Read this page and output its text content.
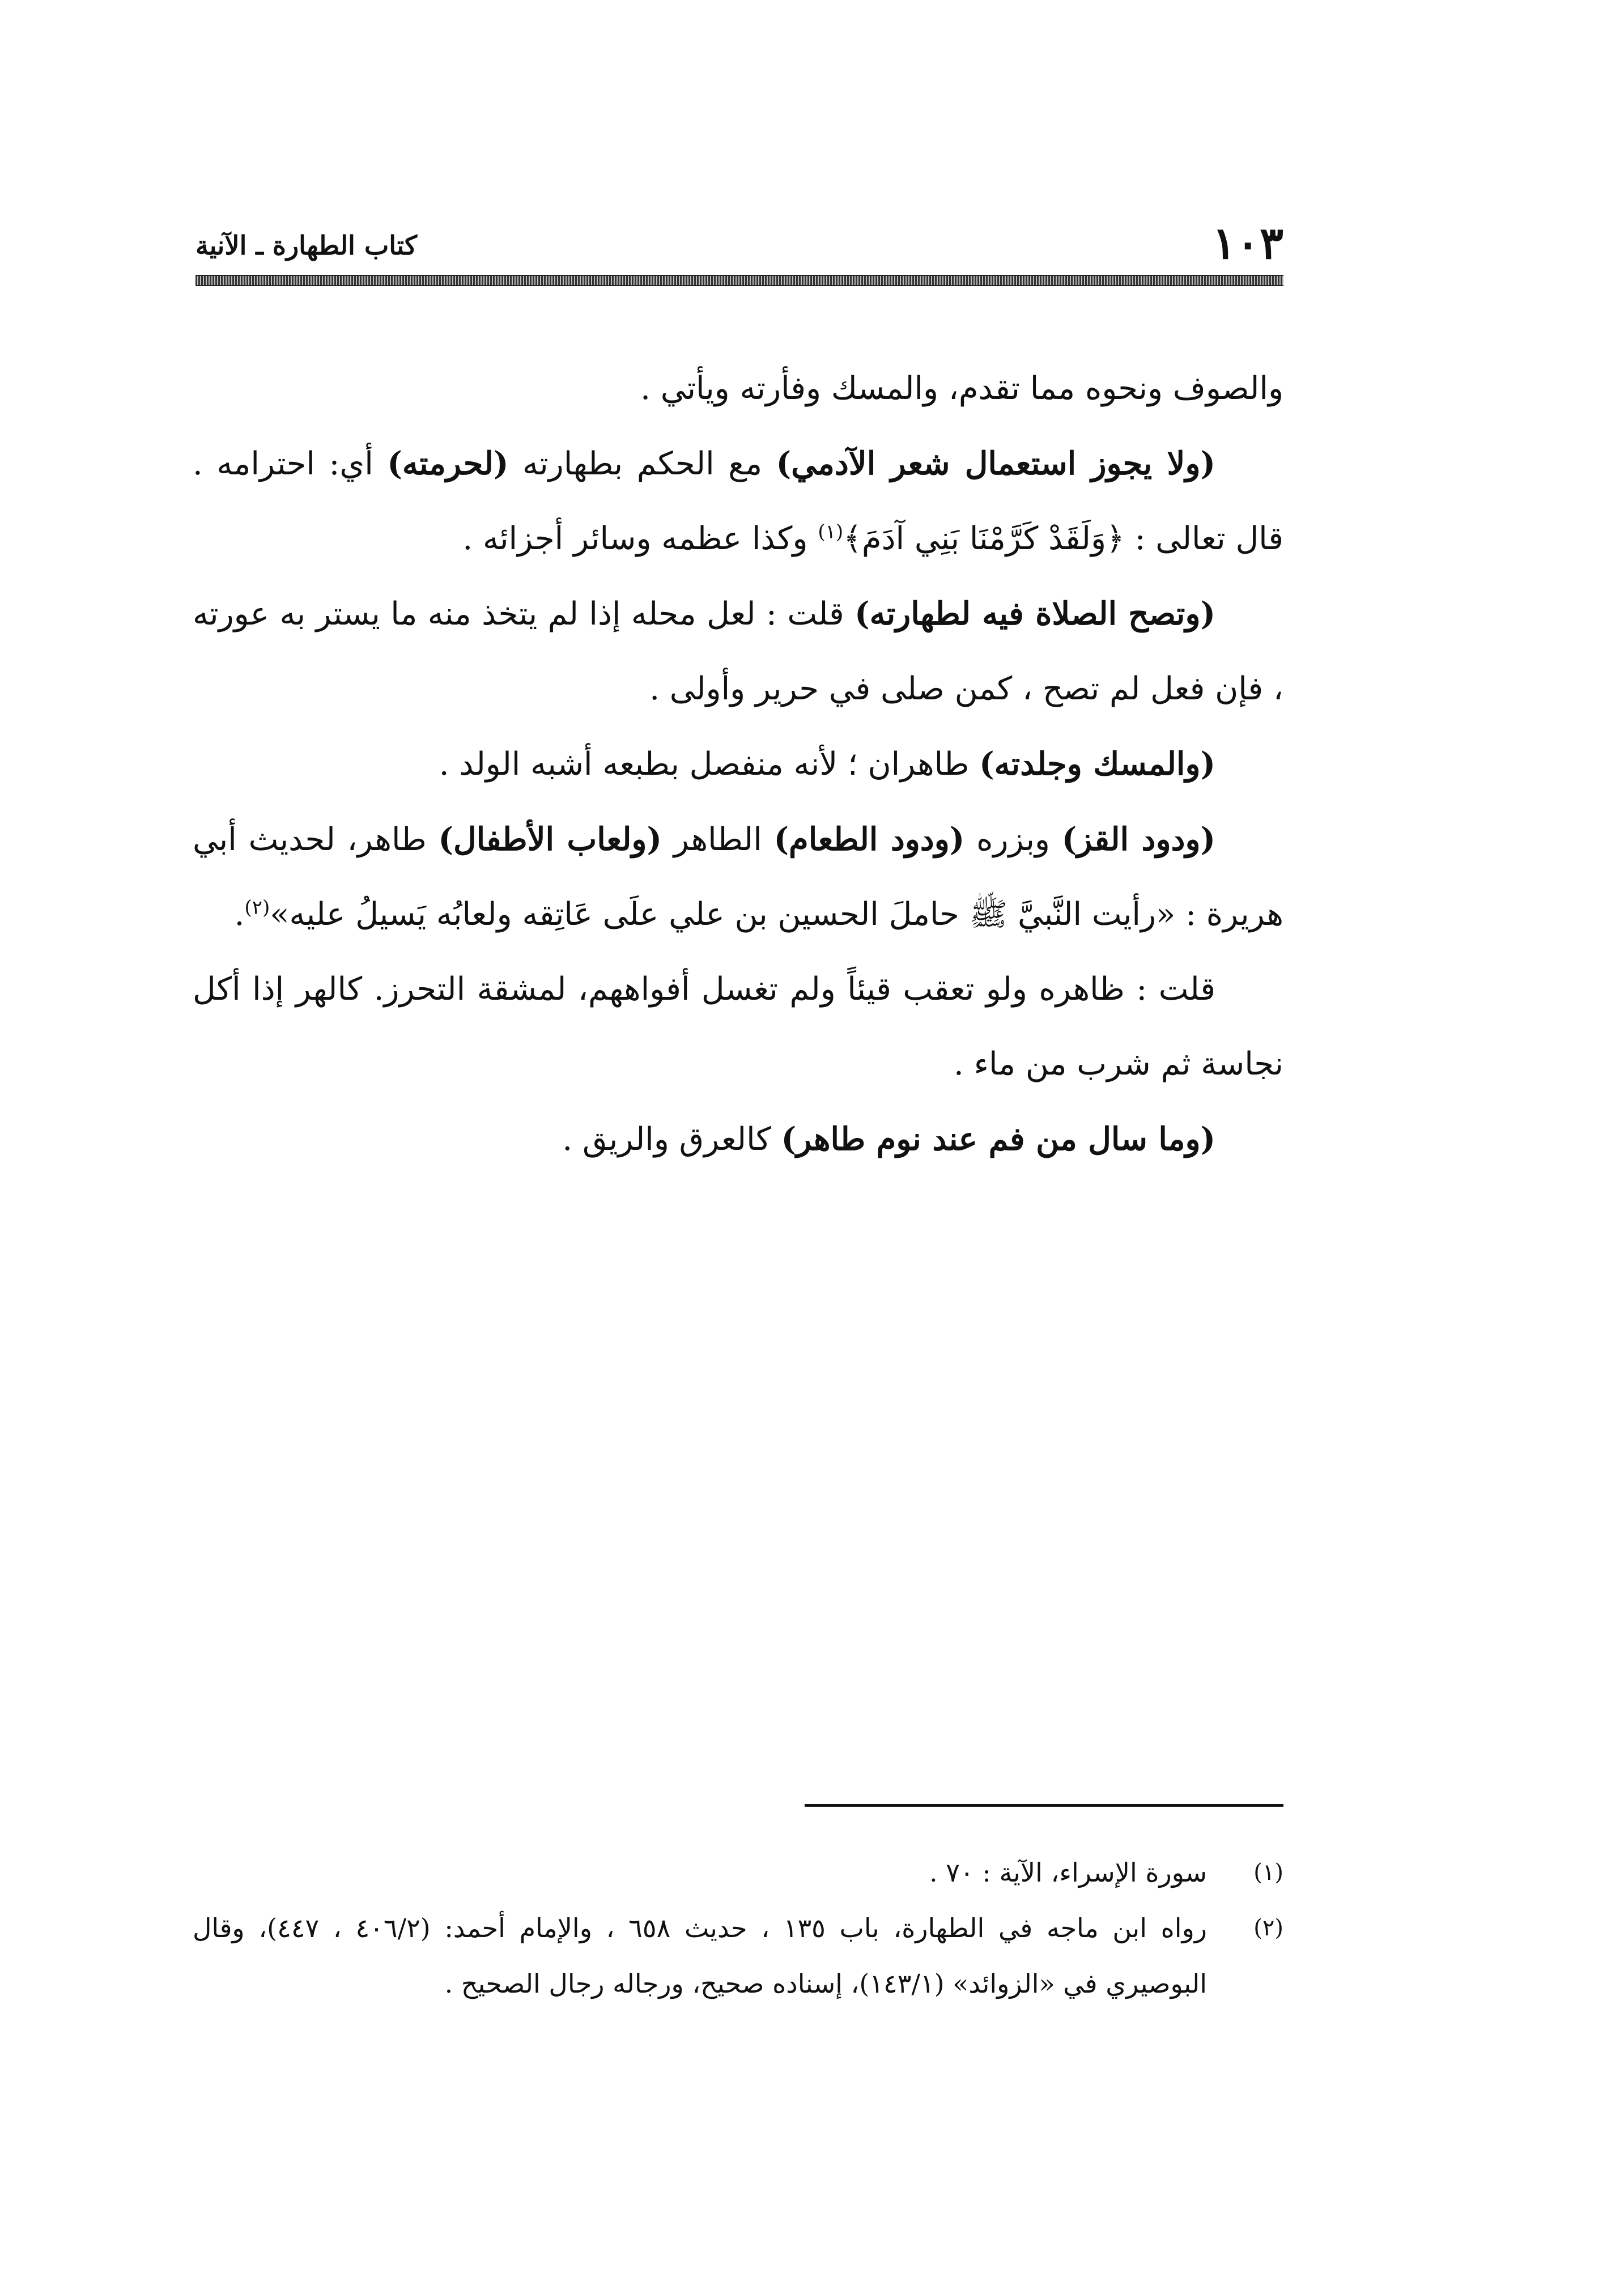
١٠٣
كتاب الطهارة ـ الآنية

والصوف ونحوه مما تقدم، والمسك وفأرته ويأتي .

(ولا يجوز استعمال شعر الآدمي) مع الحكم بطهارته (لحرمته) أي: احترامه . قال تعالى : ﴿وَلَقَدْ كَرَّمْنَا بَنِي آدَمَ﴾$^{(١)}$ وكذا عظمه وسائر أجزائه .

(وتصح الصلاة فيه لطهارته) قلت : لعل محله إذا لم يتخذ منه ما يستر به عورته ، فإن فعل لم تصح ، كمن صلى في حرير وأولى .

(والمسك وجلدته) طاهران ؛ لأنه منفصل بطبعه أشبه الولد .

(ودود القز) وبزره (ودود الطعام) الطاهر (ولعاب الأطفال) طاهر، لحديث أبي هريرة : «رأيت النَّبيَّ ﷺ حاملَ الحسين بن علي علَى عَاتِقه ولعابُه يَسيلُ عليه»$^{(٢)}$.

قلت : ظاهره ولو تعقب قيئاً ولم تغسل أفواههم، لمشقة التحرز. كالهر إذا أكل نجاسة ثم شرب من ماء .

(وما سال من فم عند نوم طاهر) كالعرق والريق .

(١)
سورة الإسراء، الآية : ٧٠ .
(٢)
رواه ابن ماجه في الطهارة، باب ١٣٥ ، حديث ٦٥٨ ، والإمام أحمد: (٤٠٦/٢ ، ٤٤٧)، وقال البوصيري في «الزوائد» (١٤٣/١)، إسناده صحيح، ورجاله رجال الصحيح .
